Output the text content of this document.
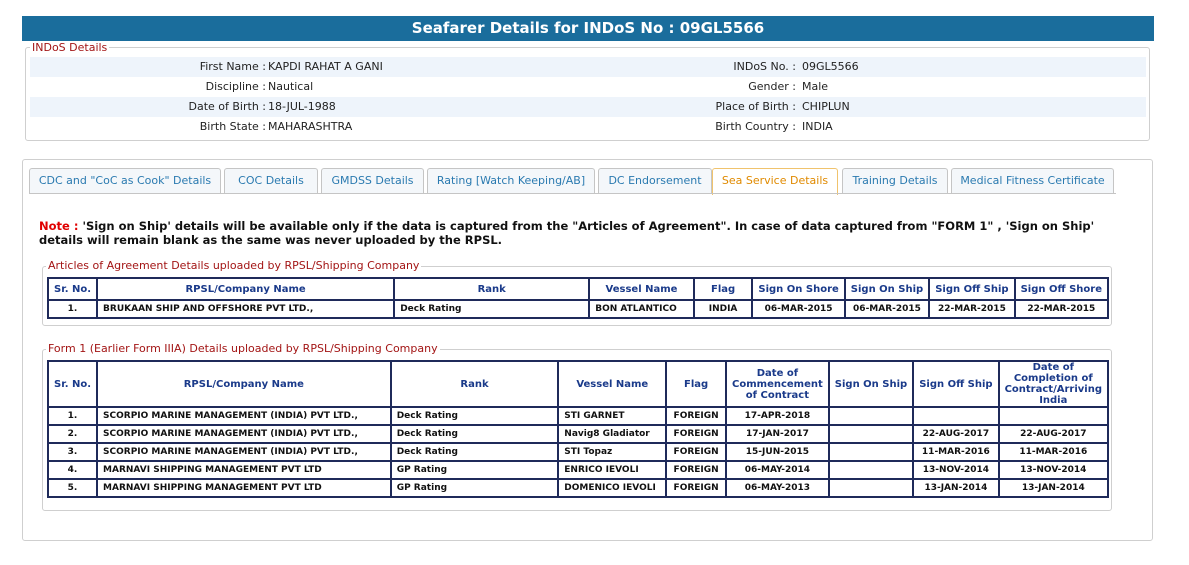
Seafarer Details for INDoS No : 09GL5566
INDoS Details
First Name : KAPDI RAHAT A GANI	INDoS No. : 09GL5566
Discipline : Nautical	Gender : Male
Date of Birth : 18-JUL-1988	Place of Birth : CHIPLUN
Birth State : MAHARASHTRA	Birth Country : INDIA
CDC and "CoC as Cook" Details	COC Details	GMDSS Details	Rating [Watch Keeping/AB]	DC Endorsement	Sea Service Details	Training Details	Medical Fitness Certificate
Note : 'Sign on Ship' details will be available only if the data is captured from the "Articles of Agreement". In case of data captured from "FORM 1" , 'Sign on Ship' details will remain blank as the same was never uploaded by the RPSL.
Articles of Agreement Details uploaded by RPSL/Shipping Company
Sr. No.	RPSL/Company Name	Rank	Vessel Name	Flag	Sign On Shore	Sign On Ship	Sign Off Ship	Sign Off Shore
1.	BRUKAAN SHIP AND OFFSHORE PVT LTD.,	Deck Rating	BON ATLANTICO	INDIA	06-MAR-2015	06-MAR-2015	22-MAR-2015	22-MAR-2015
Form 1 (Earlier Form IIIA) Details uploaded by RPSL/Shipping Company
Sr. No.	RPSL/Company Name	Rank	Vessel Name	Flag	Date of Commencement of Contract	Sign On Ship	Sign Off Ship	Date of Completion of Contract/Arriving India
1.	SCORPIO MARINE MANAGEMENT (INDIA) PVT LTD.,	Deck Rating	STI GARNET	FOREIGN	17-APR-2018			
2.	SCORPIO MARINE MANAGEMENT (INDIA) PVT LTD.,	Deck Rating	Navig8 Gladiator	FOREIGN	17-JAN-2017		22-AUG-2017	22-AUG-2017
3.	SCORPIO MARINE MANAGEMENT (INDIA) PVT LTD.,	Deck Rating	STI Topaz	FOREIGN	15-JUN-2015		11-MAR-2016	11-MAR-2016
4.	MARNAVI SHIPPING MANAGEMENT PVT LTD	GP Rating	ENRICO IEVOLI	FOREIGN	06-MAY-2014		13-NOV-2014	13-NOV-2014
5.	MARNAVI SHIPPING MANAGEMENT PVT LTD	GP Rating	DOMENICO IEVOLI	FOREIGN	06-MAY-2013		13-JAN-2014	13-JAN-2014
